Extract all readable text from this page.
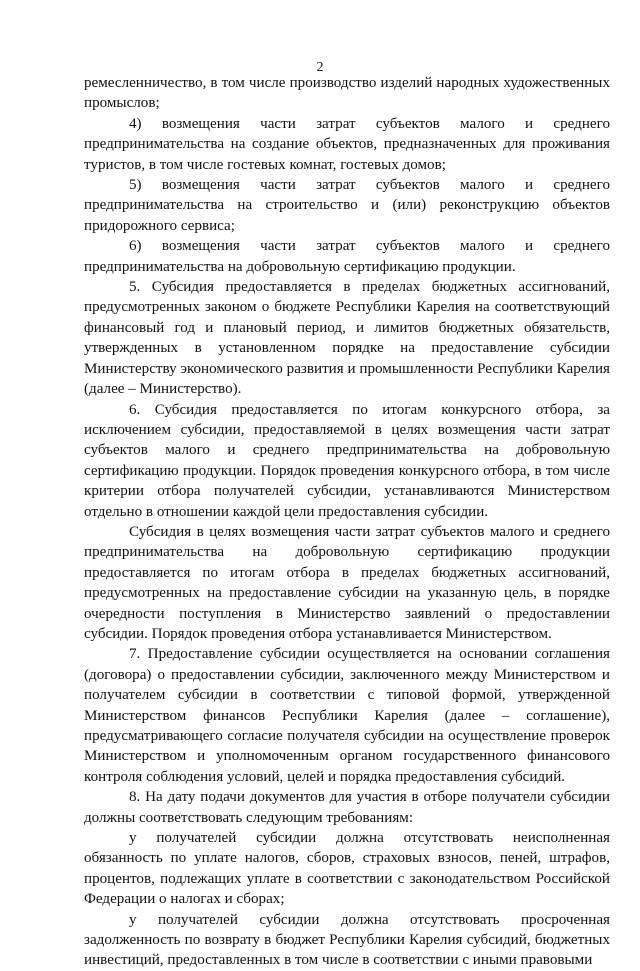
2

ремесленничество, в том числе производство изделий народных художественных промыслов;

4) возмещения части затрат субъектов малого и среднего предпринимательства на создание объектов, предназначенных для проживания туристов, в том числе гостевых комнат, гостевых домов;

5) возмещения части затрат субъектов малого и среднего предпринимательства на строительство и (или) реконструкцию объектов придорожного сервиса;

6) возмещения части затрат субъектов малого и среднего предпринимательства на добровольную сертификацию продукции.

5. Субсидия предоставляется в пределах бюджетных ассигнований, предусмотренных законом о бюджете Республики Карелия на соответствующий финансовый год и плановый период, и лимитов бюджетных обязательств, утвержденных в установленном порядке на предоставление субсидии Министерству экономического развития и промышленности Республики Карелия (далее – Министерство).

6. Субсидия предоставляется по итогам конкурсного отбора, за исключением субсидии, предоставляемой в целях возмещения части затрат субъектов малого и среднего предпринимательства на добровольную сертификацию продукции. Порядок проведения конкурсного отбора, в том числе критерии отбора получателей субсидии, устанавливаются Министерством отдельно в отношении каждой цели предоставления субсидии.

Субсидия в целях возмещения части затрат субъектов малого и среднего предпринимательства на добровольную сертификацию продукции предоставляется по итогам отбора в пределах бюджетных ассигнований, предусмотренных на предоставление субсидии на указанную цель, в порядке очередности поступления в Министерство заявлений о предоставлении субсидии. Порядок проведения отбора устанавливается Министерством.

7. Предоставление субсидии осуществляется на основании соглашения (договора) о предоставлении субсидии, заключенного между Министерством и получателем субсидии в соответствии с типовой формой, утвержденной Министерством финансов Республики Карелия (далее – соглашение), предусматривающего согласие получателя субсидии на осуществление проверок Министерством и уполномоченным органом государственного финансового контроля соблюдения условий, целей и порядка предоставления субсидий.

8. На дату подачи документов для участия в отборе получатели субсидии должны соответствовать следующим требованиям:

у получателей субсидии должна отсутствовать неисполненная обязанность по уплате налогов, сборов, страховых взносов, пеней, штрафов, процентов, подлежащих уплате в соответствии с законодательством Российской Федерации о налогах и сборах;

у получателей субсидии должна отсутствовать просроченная задолженность по возврату в бюджет Республики Карелия субсидий, бюджетных инвестиций, предоставленных в том числе в соответствии с иными правовыми
